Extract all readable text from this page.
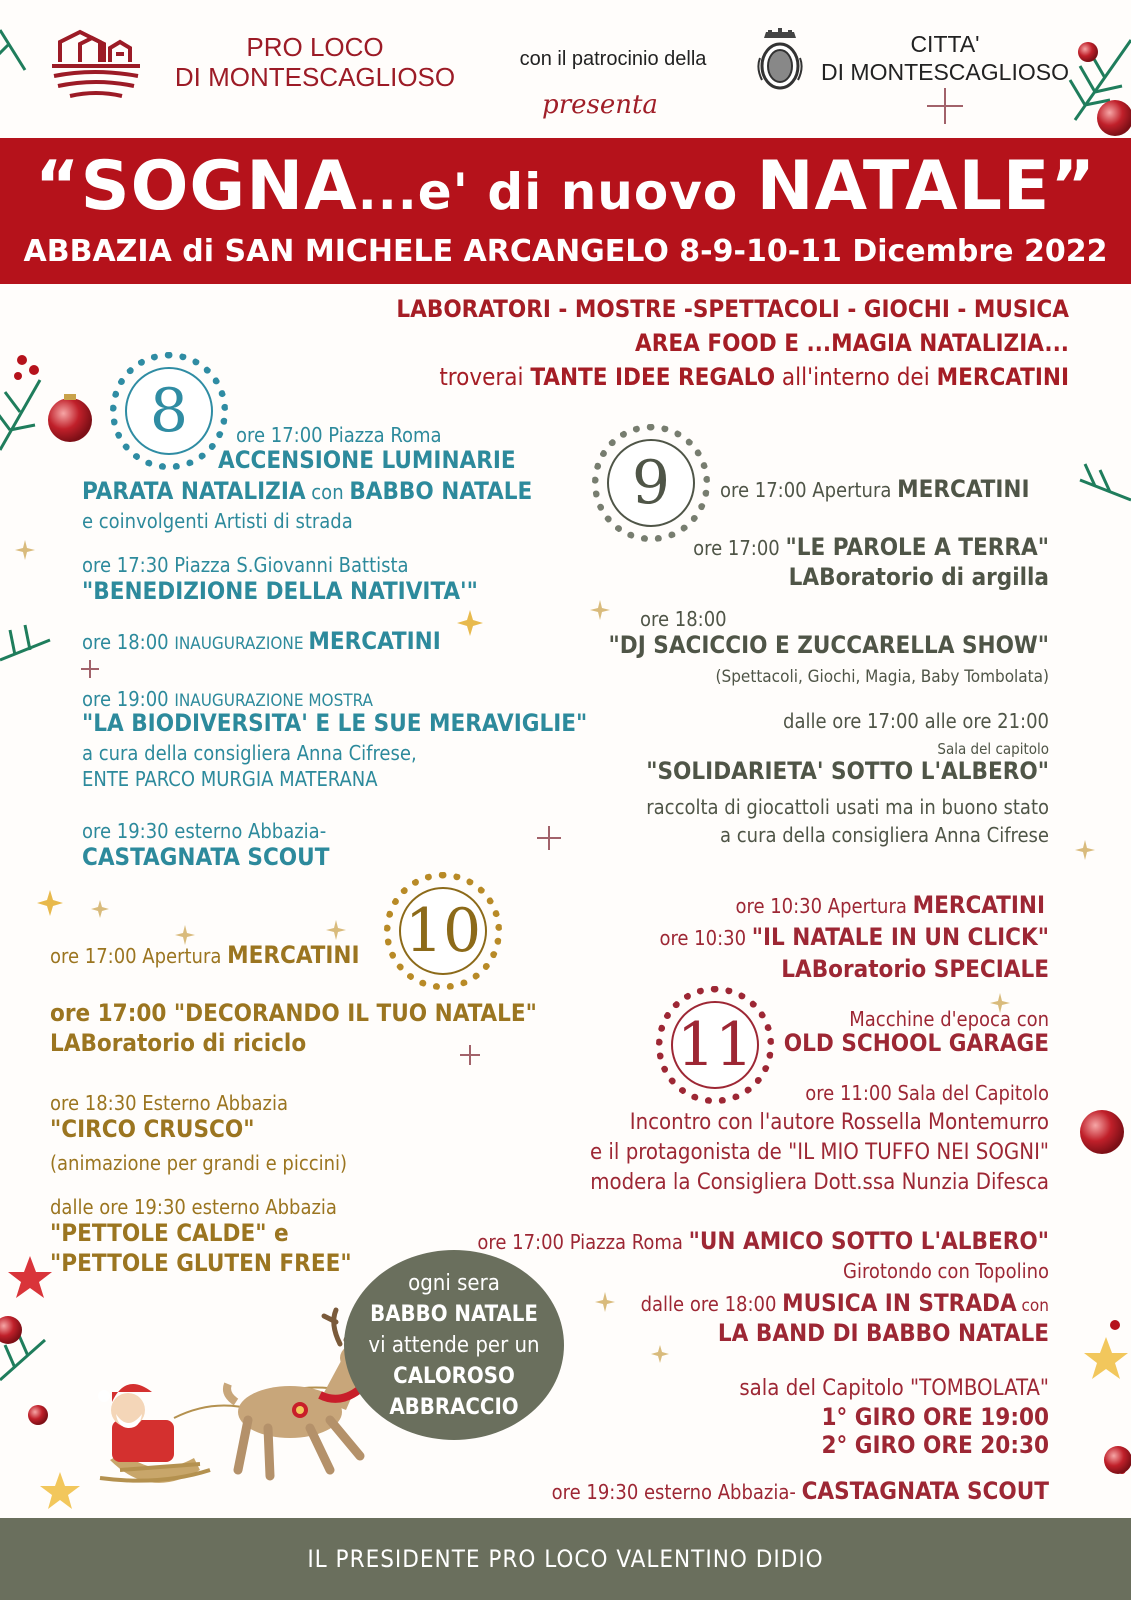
PRO LOCO
DI MONTESCAGLIOSO
con il patrocinio della
CITTA'
DI MONTESCAGLIOSO
presenta
“SOGNA...e' di nuovo NATALE”
ABBAZIA di SAN MICHELE ARCANGELO 8-9-10-11 Dicembre 2022
LABORATORI - MOSTRE -SPETTACOLI - GIOCHI - MUSICA
AREA FOOD E ...MAGIA NATALIZIA...
troverai TANTE IDEE REGALO all'interno dei MERCATINI
8	ore 17:00 Piazza Roma
ACCENSIONE LUMINARIE
PARATA NATALIZIA con BABBO NATALE
e coinvolgenti Artisti di strada
ore 17:30 Piazza S.Giovanni Battista
"BENEDIZIONE DELLA NATIVITA'"
ore 18:00 INAUGURAZIONE MERCATINI
ore 19:00 INAUGURAZIONE MOSTRA
"LA BIODIVERSITA' E LE SUE MERAVIGLIE"
a cura della consigliera Anna Cifrese,
ENTE PARCO MURGIA MATERANA
ore 19:30 esterno Abbazia-
CASTAGNATA SCOUT
9	ore 17:00 Apertura MERCATINI
ore 17:00 "LE PAROLE A TERRA"
LABoratorio di argilla
ore 18:00
"DJ SACICCIO E ZUCCARELLA SHOW"
(Spettacoli, Giochi, Magia, Baby Tombolata)
dalle ore 17:00 alle ore 21:00
Sala del capitolo
"SOLIDARIETA' SOTTO L'ALBERO"
raccolta di giocattoli usati ma in buono stato
a cura della consigliera Anna Cifrese
10
ore 17:00 Apertura MERCATINI
ore 17:00 "DECORANDO IL TUO NATALE"
LABoratorio di riciclo
ore 18:30 Esterno Abbazia
"CIRCO CRUSCO"
(animazione per grandi e piccini)
dalle ore 19:30 esterno Abbazia
"PETTOLE CALDE" e
"PETTOLE GLUTEN FREE"
11
ore 10:30 Apertura MERCATINI
ore 10:30 "IL NATALE IN UN CLICK"
LABoratorio SPECIALE
Macchine d'epoca con
OLD SCHOOL GARAGE
ore 11:00 Sala del Capitolo
Incontro con l'autore Rossella Montemurro
e il protagonista de "IL MIO TUFFO NEI SOGNI"
modera la Consigliera Dott.ssa Nunzia Difesca
ore 17:00 Piazza Roma "UN AMICO SOTTO L'ALBERO"
Girotondo con Topolino
dalle ore 18:00 MUSICA IN STRADA con
LA BAND DI BABBO NATALE
sala del Capitolo "TOMBOLATA"
1° GIRO ORE 19:00
2° GIRO ORE 20:30
ore 19:30 esterno Abbazia- CASTAGNATA SCOUT
ogni sera
BABBO NATALE
vi attende per un
CALOROSO
ABBRACCIO
IL PRESIDENTE PRO LOCO VALENTINO DIDIO
